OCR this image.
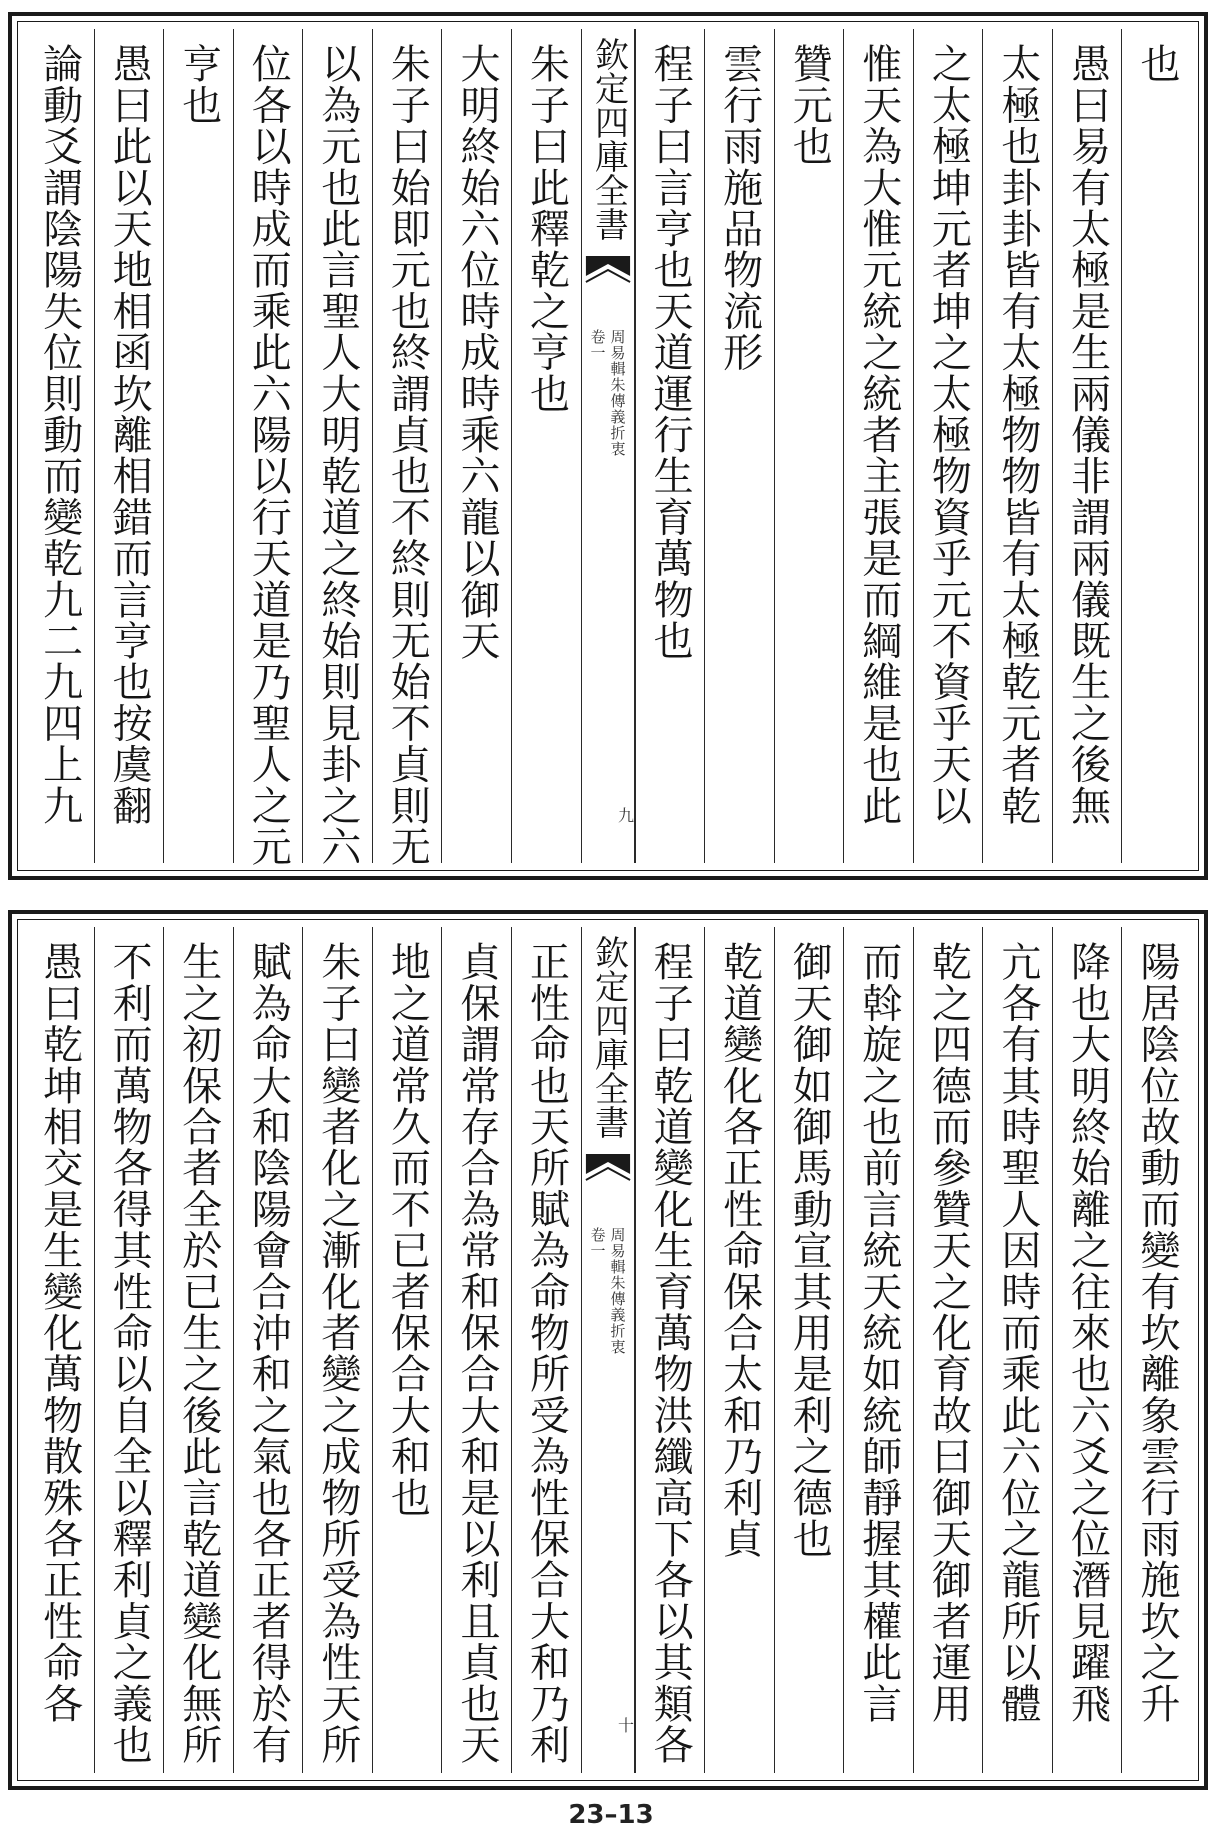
也
愚曰易有太極是生兩儀非謂兩儀既生之後無
太極也卦卦皆有太極物物皆有太極乾元者乾
之太極坤元者坤之太極物資乎元不資乎天以
惟天為大惟元統之統者主張是而綱維是也此
贊元也
雲行雨施品物流形
程子曰言亨也天道運行生育萬物也
欽定四庫全書
周易輯朱傳義折衷
卷一
九
朱子曰此釋乾之亨也
大明終始六位時成時乘六龍以御天
朱子曰始即元也終謂貞也不終則无始不貞則无
以為元也此言聖人大明乾道之終始則見卦之六
位各以時成而乘此六陽以行天道是乃聖人之元
亨也
愚曰此以天地相函坎離相錯而言亨也按虞翻
論動爻謂陰陽失位則動而變乾九二九四上九
陽居陰位故動而變有坎離象雲行雨施坎之升
降也大明終始離之往來也六爻之位潛見躍飛
亢各有其時聖人因時而乘此六位之龍所以體
乾之四德而參贊天之化育故曰御天御者運用
而斡旋之也前言統天統如統師靜握其權此言
御天御如御馬動宣其用是利之德也
乾道變化各正性命保合太和乃利貞
程子曰乾道變化生育萬物洪纖高下各以其類各
欽定四庫全書
周易輯朱傳義折衷
卷一
十
正性命也天所賦為命物所受為性保合大和乃利
貞保謂常存合為常和保合大和是以利且貞也天
地之道常久而不已者保合大和也
朱子曰變者化之漸化者變之成物所受為性天所
賦為命大和陰陽會合沖和之氣也各正者得於有
生之初保合者全於已生之後此言乾道變化無所
不利而萬物各得其性命以自全以釋利貞之義也
愚曰乾坤相交是生變化萬物散殊各正性命各
23–13
